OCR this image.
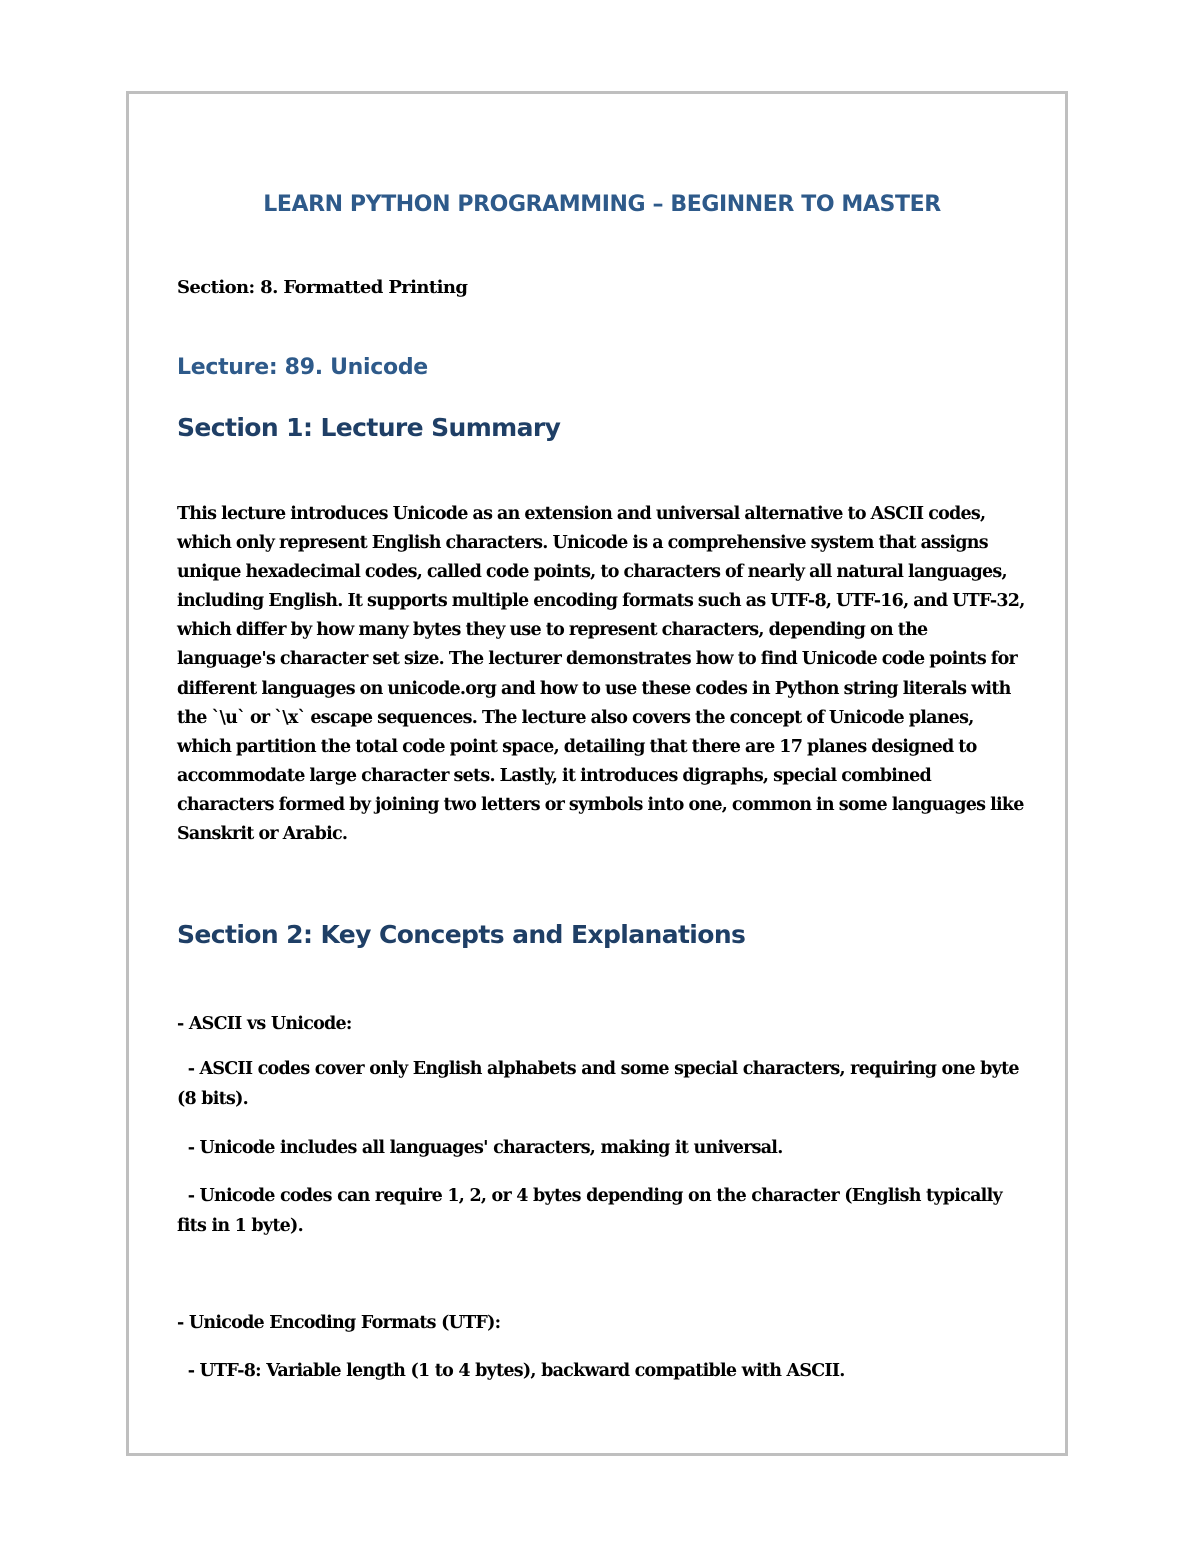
LEARN PYTHON PROGRAMMING – BEGINNER TO MASTER

Section: 8. Formatted Printing

Lecture: 89. Unicode
Section 1: Lecture Summary

This lecture introduces Unicode as an extension and universal alternative to ASCII codes, which only represent English characters. Unicode is a comprehensive system that assigns unique hexadecimal codes, called code points, to characters of nearly all natural languages, including English. It supports multiple encoding formats such as UTF-8, UTF-16, and UTF-32, which differ by how many bytes they use to represent characters, depending on the language's character set size. The lecturer demonstrates how to find Unicode code points for different languages on unicode.org and how to use these codes in Python string literals with the `\u` or `\x` escape sequences. The lecture also covers the concept of Unicode planes, which partition the total code point space, detailing that there are 17 planes designed to accommodate large character sets. Lastly, it introduces digraphs, special combined characters formed by joining two letters or symbols into one, common in some languages like Sanskrit or Arabic.

Section 2: Key Concepts and Explanations

- ASCII vs Unicode:

- ASCII codes cover only English alphabets and some special characters, requiring one byte (8 bits).

- Unicode includes all languages' characters, making it universal.

- Unicode codes can require 1, 2, or 4 bytes depending on the character (English typically fits in 1 byte).

- Unicode Encoding Formats (UTF):

- UTF-8: Variable length (1 to 4 bytes), backward compatible with ASCII.
